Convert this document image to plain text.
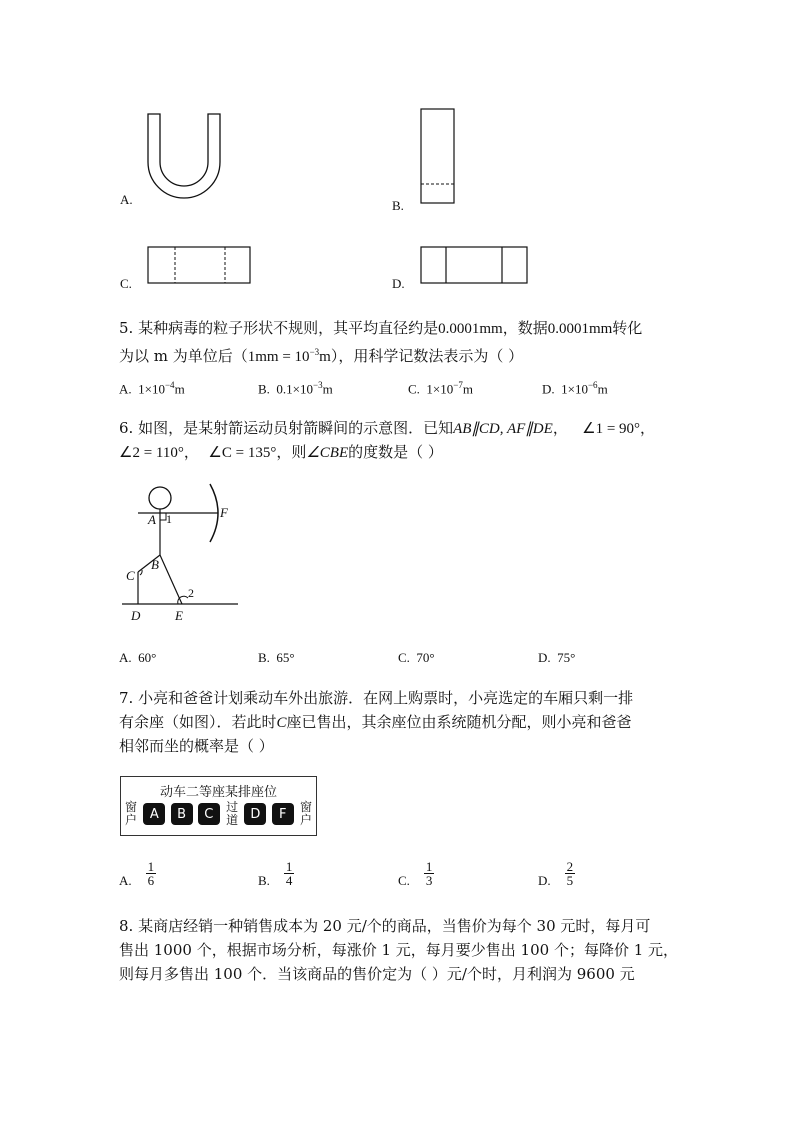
A.	B.
C.	D.
5. 某种病毒的粒子形状不规则，其平均直径约是0.0001mm，数据0.0001mm转化
为以 m 为单位后$(1mm = 10^{-3}m)$，用科学记数法表示为（ ）
A. $1\times 10^{-4}m$	B. $0.1\times 10^{-3}m$	C. $1\times 10^{-7}m$	D. $1\times 10^{-6}m$
6. 如图，是某射箭运动员射箭瞬间的示意图．已知AB∥CD, AF∥DE， ∠1 = 90°，
∠2 = 110°，  ∠C = 135°，则∠CBE的度数是（ ）
A 1	F
B
C
2
D	E
A. 60°	B. 65°	C. 70°	D. 75°
7. 小亮和爸爸计划乘动车外出旅游．在网上购票时，小亮选定的车厢只剩一排
有余座（如图）．若此时C座已售出，其余座位由系统随机分配，则小亮和爸爸
相邻而坐的概率是（ ）
动车二等座某排座位
窗
户 A	B	C	过
道 D	F	窗
户
A. $\frac{1}{6}$	B. $\frac{1}{4}$	C. $\frac{1}{3}$	D. $\frac{2}{5}$
8. 某商店经销一种销售成本为 20 元/个的商品，当售价为每个 30 元时，每月可
售出 1000 个，根据市场分析，每涨价 1 元，每月要少售出 100 个；每降价 1 元，
则每月多售出 100 个．当该商品的售价定为（ ）元/个时，月利润为 9600 元
